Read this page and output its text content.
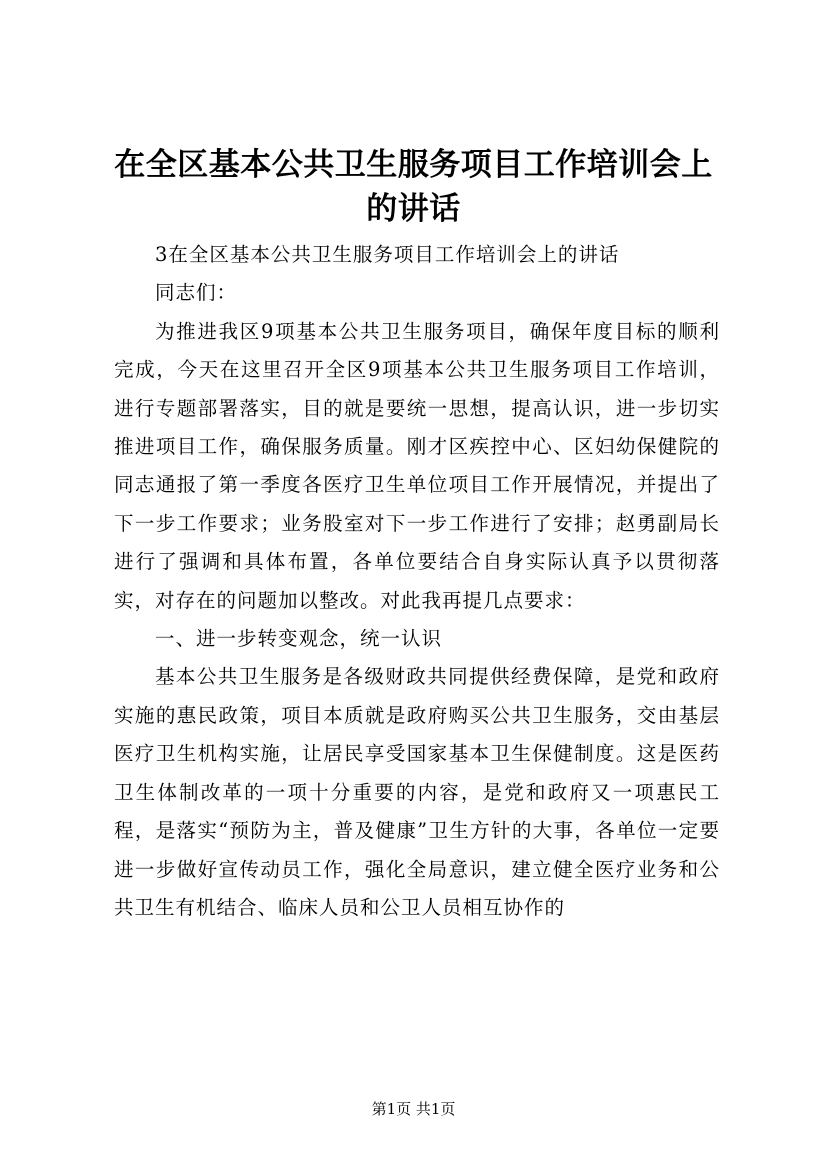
在全区基本公共卫生服务项目工作培训会上的讲话

3在全区基本公共卫生服务项目工作培训会上的讲话

同志们：

为推进我区9项基本公共卫生服务项目，确保年度目标的顺利完成，今天在这里召开全区9项基本公共卫生服务项目工作培训，进行专题部署落实，目的就是要统一思想，提高认识，进一步切实推进项目工作，确保服务质量。刚才区疾控中心、区妇幼保健院的同志通报了第一季度各医疗卫生单位项目工作开展情况，并提出了下一步工作要求；业务股室对下一步工作进行了安排；赵勇副局长进行了强调和具体布置，各单位要结合自身实际认真予以贯彻落实，对存在的问题加以整改。对此我再提几点要求：

一、进一步转变观念，统一认识

基本公共卫生服务是各级财政共同提供经费保障，是党和政府实施的惠民政策，项目本质就是政府购买公共卫生服务，交由基层医疗卫生机构实施，让居民享受国家基本卫生保健制度。这是医药卫生体制改革的一项十分重要的内容，是党和政府又一项惠民工程，是落实“预防为主，普及健康”卫生方针的大事，各单位一定要进一步做好宣传动员工作，强化全局意识，建立健全医疗业务和公共卫生有机结合、临床人员和公卫人员相互协作的

第1页 共1页
